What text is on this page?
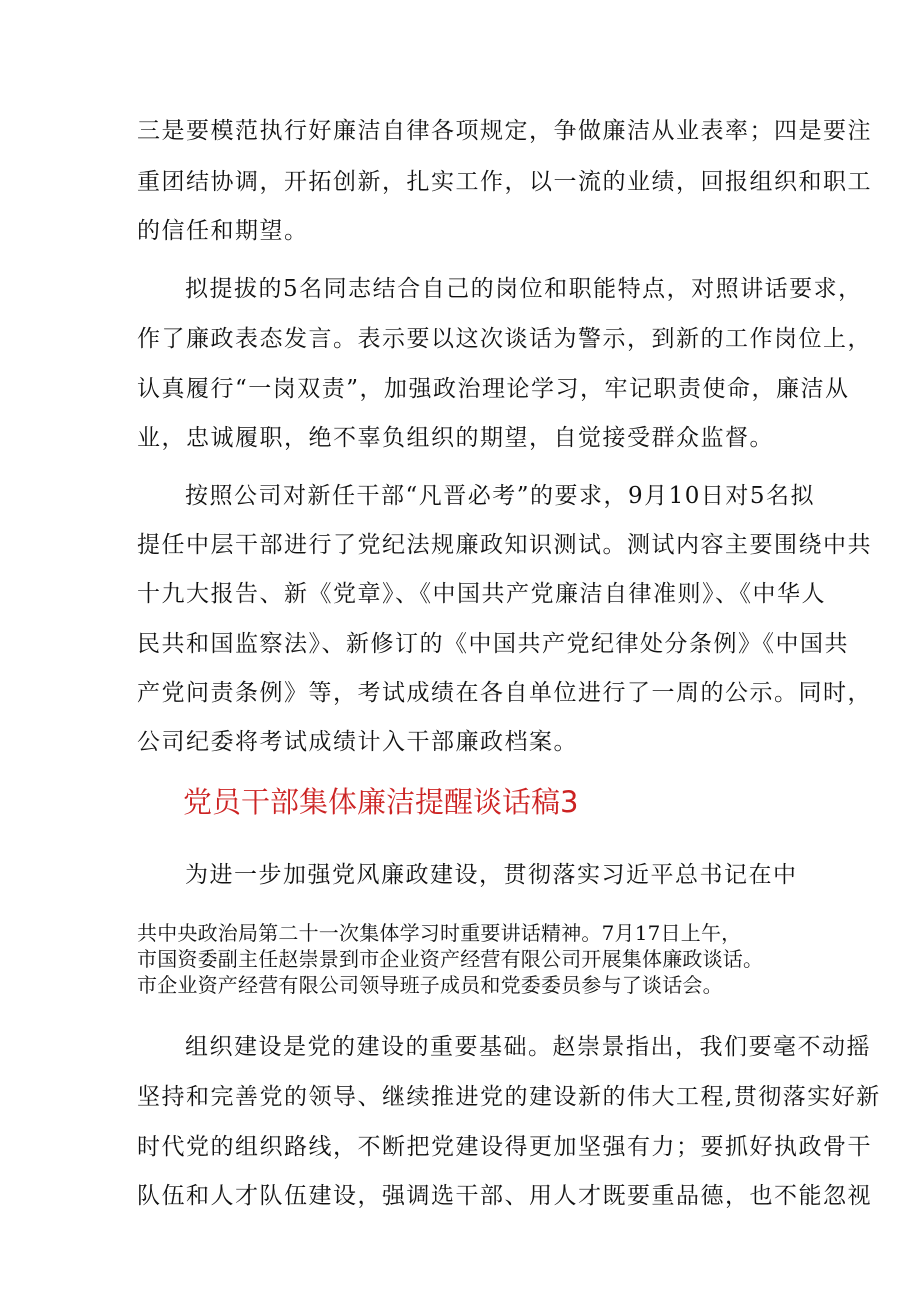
三是要模范执行好廉洁自律各项规定，争做廉洁从业表率；四是要注
重团结协调，开拓创新，扎实工作，以一流的业绩，回报组织和职工
的信任和期望。
拟提拔的5名同志结合自己的岗位和职能特点，对照讲话要求，
作了廉政表态发言。表示要以这次谈话为警示，到新的工作岗位上，
认真履行“一岗双责”，加强政治理论学习，牢记职责使命，廉洁从
业，忠诚履职，绝不辜负组织的期望，自觉接受群众监督。
按照公司对新任干部“凡晋必考”的要求，9月10日对5名拟
提任中层干部进行了党纪法规廉政知识测试。测试内容主要围绕中共
十九大报告、新《党章》、《中国共产党廉洁自律准则》、《中华人
民共和国监察法》、新修订的《中国共产党纪律处分条例》《中国共
产党问责条例》等，考试成绩在各自单位进行了一周的公示。同时，
公司纪委将考试成绩计入干部廉政档案。
党员干部集体廉洁提醒谈话稿3
为进一步加强党风廉政建设，贯彻落实习近平总书记在中
共中央政治局第二十一次集体学习时重要讲话精神。7月17日上午，
市国资委副主任赵崇景到市企业资产经营有限公司开展集体廉政谈话。
市企业资产经营有限公司领导班子成员和党委委员参与了谈话会。
组织建设是党的建设的重要基础。赵崇景指出，我们要毫不动摇
坚持和完善党的领导、继续推进党的建设新的伟大工程,贯彻落实好新
时代党的组织路线，不断把党建设得更加坚强有力；要抓好执政骨干
队伍和人才队伍建设，强调选干部、用人才既要重品德，也不能忽视
